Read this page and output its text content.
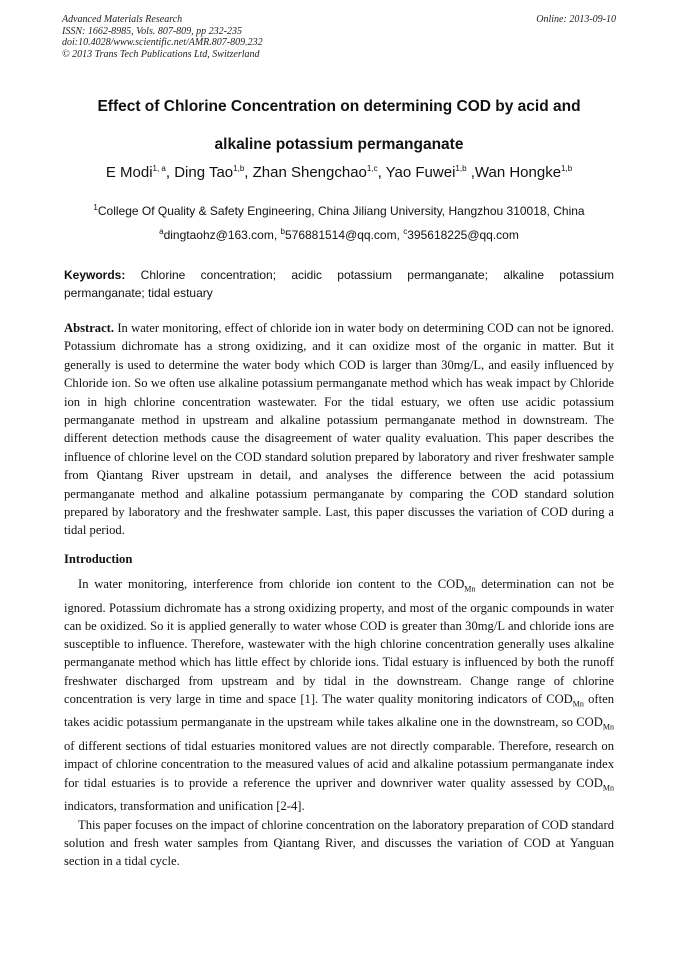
Advanced Materials Research
ISSN: 1662-8985, Vols. 807-809, pp 232-235
doi:10.4028/www.scientific.net/AMR.807-809.232
© 2013 Trans Tech Publications Ltd, Switzerland
Online: 2013-09-10
Effect of Chlorine Concentration on determining COD by acid and
alkaline potassium permanganate
E Modi$^{1, a}$, Ding Tao$^{1,b}$, Zhan Shengchao$^{1,c}$, Yao Fuwei$^{1,b}$ ,Wan Hongke$^{1,b}$
$^1$College Of Quality & Safety Engineering, China Jiliang University, Hangzhou 310018, China
$^a$dingtaohz@163.com, $^b$576881514@qq.com, $^c$395618225@qq.com
Keywords: Chlorine concentration; acidic potassium permanganate; alkaline potassium permanganate; tidal estuary
Abstract. In water monitoring, effect of chloride ion in water body on determining COD can not be ignored. Potassium dichromate has a strong oxidizing, and it can oxidize most of the organic in matter. But it generally is used to determine the water body which COD is larger than 30mg/L, and easily influenced by Chloride ion. So we often use alkaline potassium permanganate method which has weak impact by Chloride ion in high chlorine concentration wastewater. For the tidal estuary, we often use acidic potassium permanganate method in upstream and alkaline potassium permanganate method in downstream. The different detection methods cause the disagreement of water quality evaluation. This paper describes the influence of chlorine level on the COD standard solution prepared by laboratory and river freshwater sample from Qiantang River upstream in detail, and analyses the difference between the acid potassium permanganate method and alkaline potassium permanganate by comparing the COD standard solution prepared by laboratory and the freshwater sample. Last, this paper discusses the variation of COD during a tidal period.
Introduction

In water monitoring, interference from chloride ion content to the $COD_{Mn}$ determination can not be ignored. Potassium dichromate has a strong oxidizing property, and most of the organic compounds in water can be oxidized. So it is applied generally to water whose COD is greater than 30mg/L and chloride ions are susceptible to influence. Therefore, wastewater with the high chlorine concentration generally uses alkaline permanganate method which has little effect by chloride ions. Tidal estuary is influenced by both the runoff freshwater discharged from upstream and by tidal in the downstream. Change range of chlorine concentration is very large in time and space [1]. The water quality monitoring indicators of $COD_{Mn}$ often takes acidic potassium permanganate in the upstream while takes alkaline one in the downstream, so $COD_{Mn}$ of different sections of tidal estuaries monitored values are not directly comparable. Therefore, research on impact of chlorine concentration to the measured values of acid and alkaline potassium permanganate index for tidal estuaries is to provide a reference the upriver and downriver water quality assessed by $COD_{Mn}$ indicators, transformation and unification [2-4].

This paper focuses on the impact of chlorine concentration on the laboratory preparation of COD standard solution and fresh water samples from Qiantang River, and discusses the variation of COD at Yanguan section in a tidal cycle.
